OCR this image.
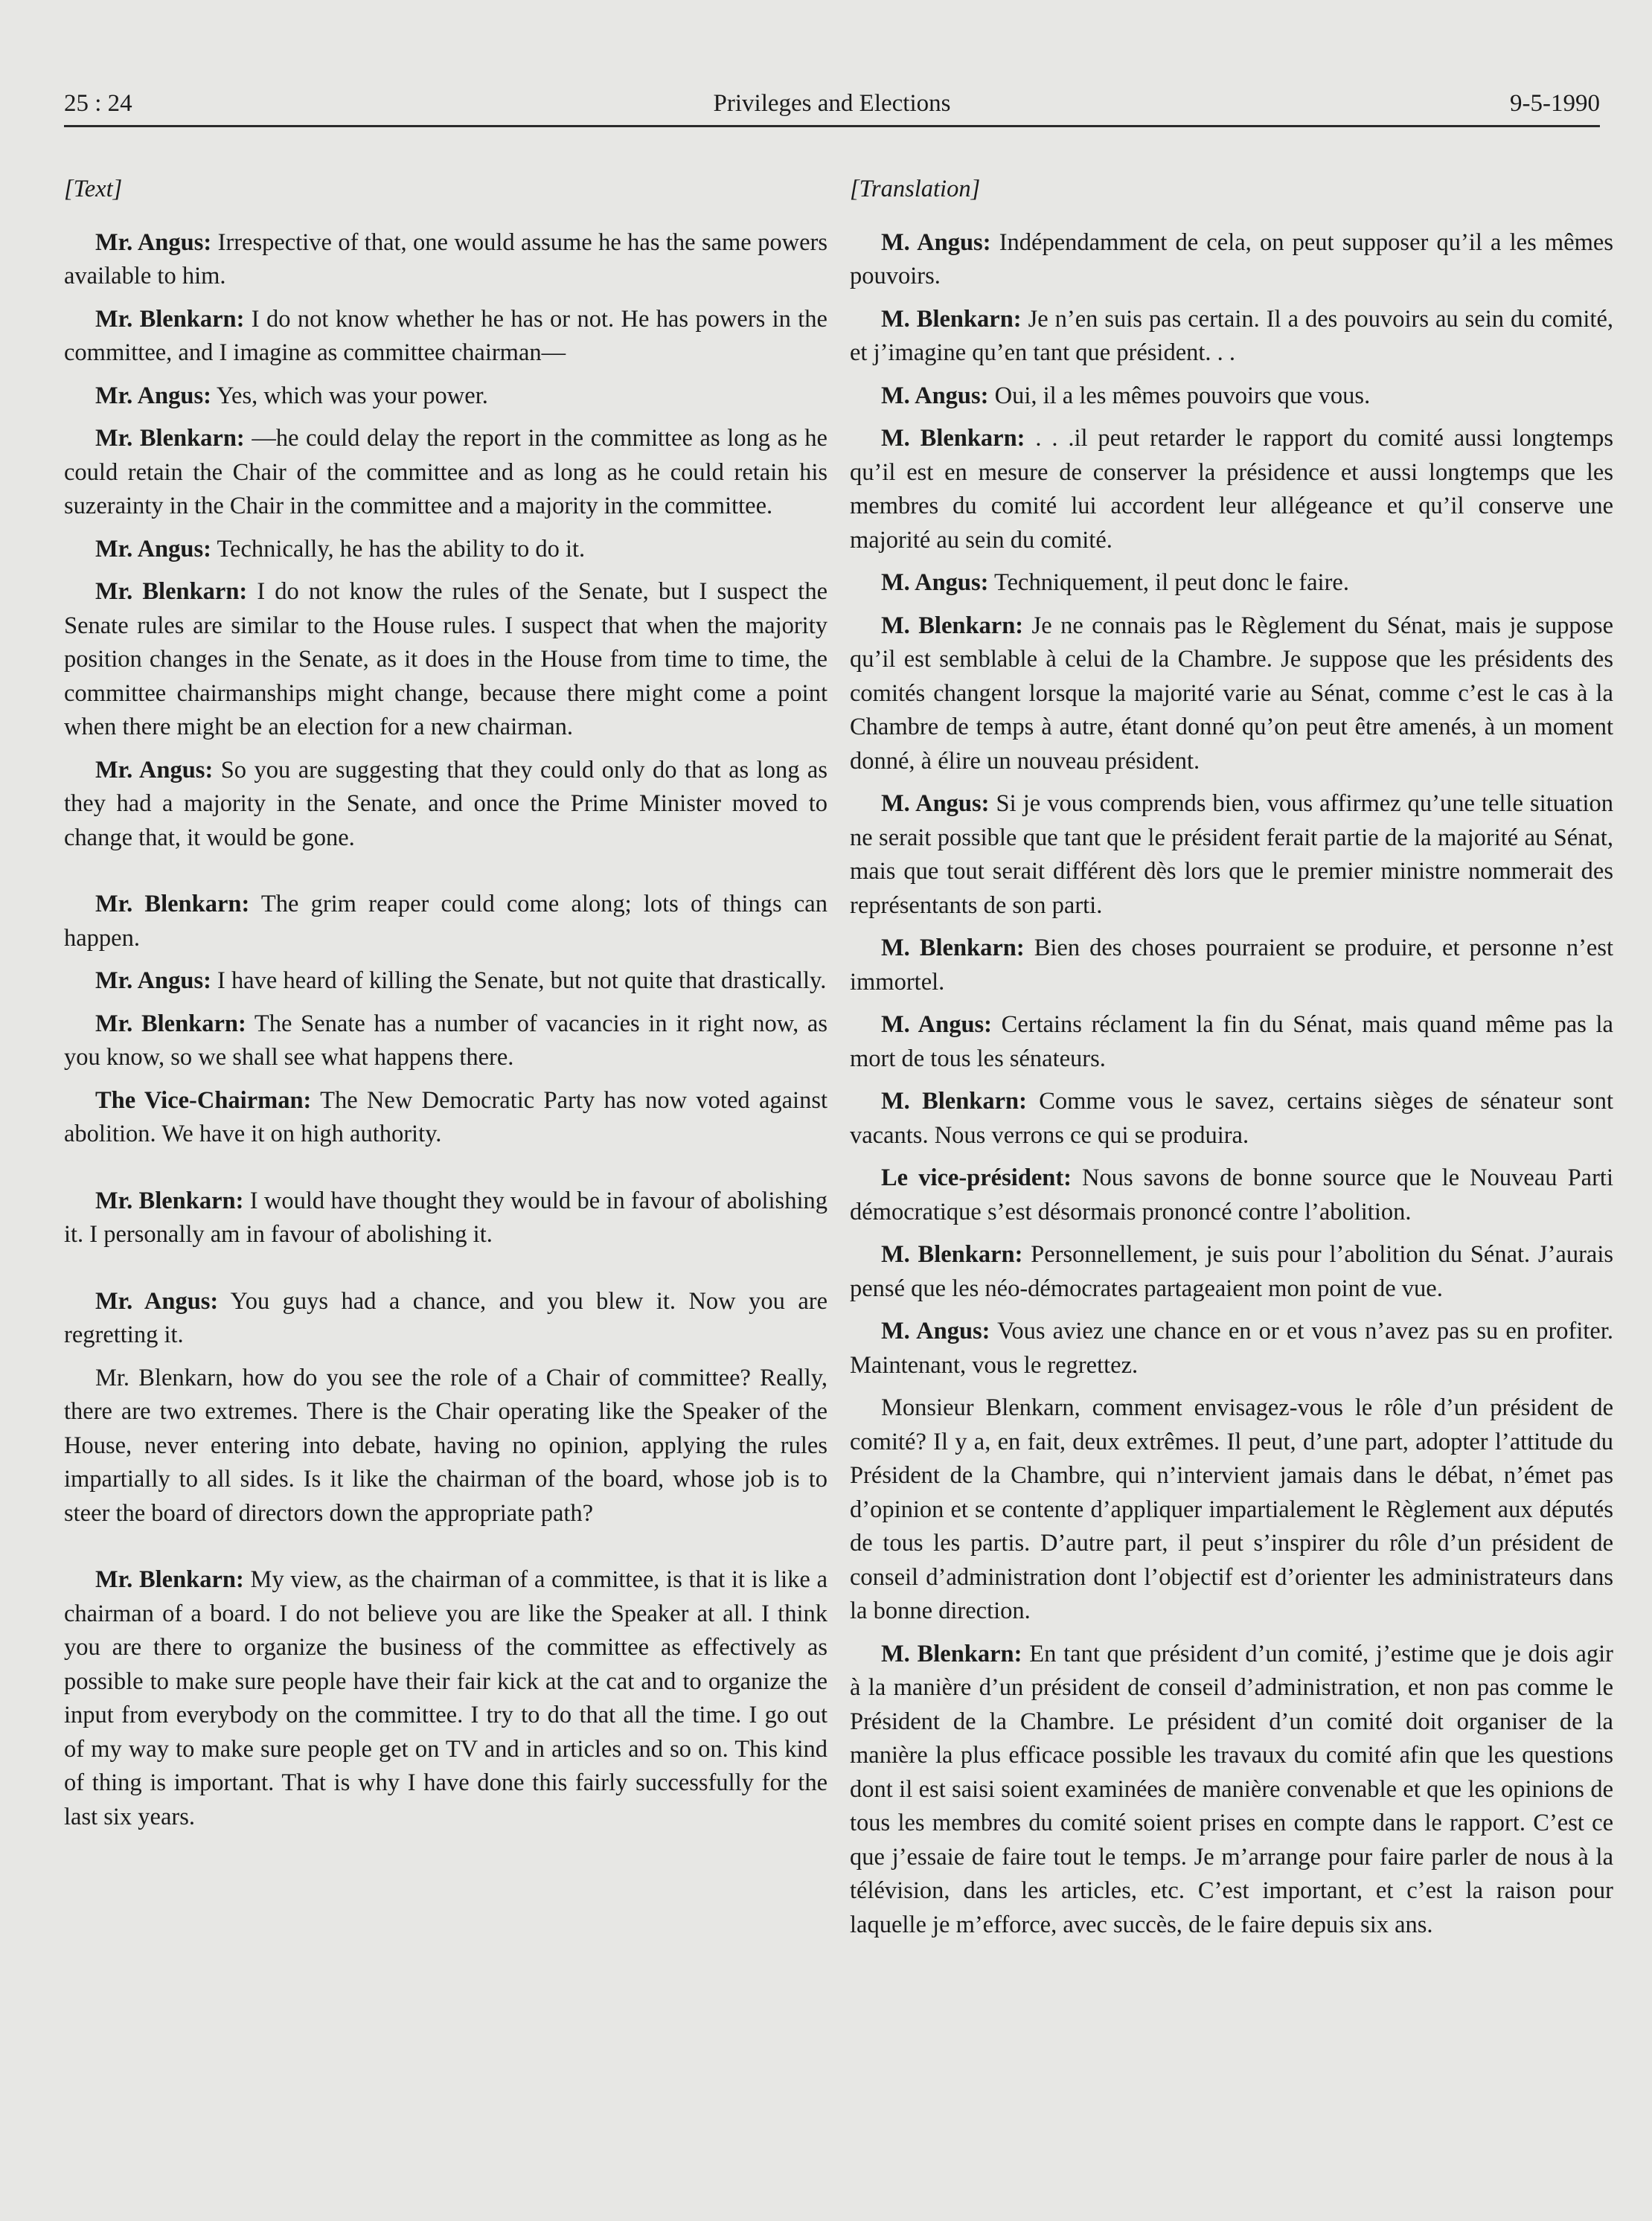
25 : 24	Privileges and Elections	9-5-1990
[Text]

Mr. Angus: Irrespective of that, one would assume he has the same powers available to him.

Mr. Blenkarn: I do not know whether he has or not. He has powers in the committee, and I imagine as committee chairman—

Mr. Angus: Yes, which was your power.

Mr. Blenkarn: —he could delay the report in the committee as long as he could retain the Chair of the committee and as long as he could retain his suzerainty in the Chair in the committee and a majority in the committee.

Mr. Angus: Technically, he has the ability to do it.

Mr. Blenkarn: I do not know the rules of the Senate, but I suspect the Senate rules are similar to the House rules. I suspect that when the majority position changes in the Senate, as it does in the House from time to time, the committee chairmanships might change, because there might come a point when there might be an election for a new chairman.

Mr. Angus: So you are suggesting that they could only do that as long as they had a majority in the Senate, and once the Prime Minister moved to change that, it would be gone.

Mr. Blenkarn: The grim reaper could come along; lots of things can happen.

Mr. Angus: I have heard of killing the Senate, but not quite that drastically.

Mr. Blenkarn: The Senate has a number of vacancies in it right now, as you know, so we shall see what happens there.

The Vice-Chairman: The New Democratic Party has now voted against abolition. We have it on high authority.

Mr. Blenkarn: I would have thought they would be in favour of abolishing it. I personally am in favour of abolishing it.

Mr. Angus: You guys had a chance, and you blew it. Now you are regretting it.

Mr. Blenkarn, how do you see the role of a Chair of committee? Really, there are two extremes. There is the Chair operating like the Speaker of the House, never entering into debate, having no opinion, applying the rules impartially to all sides. Is it like the chairman of the board, whose job is to steer the board of directors down the appropriate path?

Mr. Blenkarn: My view, as the chairman of a committee, is that it is like a chairman of a board. I do not believe you are like the Speaker at all. I think you are there to organize the business of the committee as effectively as possible to make sure people have their fair kick at the cat and to organize the input from everybody on the committee. I try to do that all the time. I go out of my way to make sure people get on TV and in articles and so on. This kind of thing is important. That is why I have done this fairly successfully for the last six years.

[Translation]

M. Angus: Indépendamment de cela, on peut supposer qu’il a les mêmes pouvoirs.

M. Blenkarn: Je n’en suis pas certain. Il a des pouvoirs au sein du comité, et j’imagine qu’en tant que président. . .

M. Angus: Oui, il a les mêmes pouvoirs que vous.

M. Blenkarn: . . .il peut retarder le rapport du comité aussi longtemps qu’il est en mesure de conserver la présidence et aussi longtemps que les membres du comité lui accordent leur allégeance et qu’il conserve une majorité au sein du comité.

M. Angus: Techniquement, il peut donc le faire.

M. Blenkarn: Je ne connais pas le Règlement du Sénat, mais je suppose qu’il est semblable à celui de la Chambre. Je suppose que les présidents des comités changent lorsque la majorité varie au Sénat, comme c’est le cas à la Chambre de temps à autre, étant donné qu’on peut être amenés, à un moment donné, à élire un nouveau président.

M. Angus: Si je vous comprends bien, vous affirmez qu’une telle situation ne serait possible que tant que le président ferait partie de la majorité au Sénat, mais que tout serait différent dès lors que le premier ministre nommerait des représentants de son parti.

M. Blenkarn: Bien des choses pourraient se produire, et personne n’est immortel.

M. Angus: Certains réclament la fin du Sénat, mais quand même pas la mort de tous les sénateurs.

M. Blenkarn: Comme vous le savez, certains sièges de sénateur sont vacants. Nous verrons ce qui se produira.

Le vice-président: Nous savons de bonne source que le Nouveau Parti démocratique s’est désormais prononcé contre l’abolition.

M. Blenkarn: Personnellement, je suis pour l’abolition du Sénat. J’aurais pensé que les néo-démocrates partageaient mon point de vue.

M. Angus: Vous aviez une chance en or et vous n’avez pas su en profiter. Maintenant, vous le regrettez.

Monsieur Blenkarn, comment envisagez-vous le rôle d’un président de comité? Il y a, en fait, deux extrêmes. Il peut, d’une part, adopter l’attitude du Président de la Chambre, qui n’intervient jamais dans le débat, n’émet pas d’opinion et se contente d’appliquer impartialement le Règlement aux députés de tous les partis. D’autre part, il peut s’inspirer du rôle d’un président de conseil d’administration dont l’objectif est d’orienter les administrateurs dans la bonne direction.

M. Blenkarn: En tant que président d’un comité, j’estime que je dois agir à la manière d’un président de conseil d’administration, et non pas comme le Président de la Chambre. Le président d’un comité doit organiser de la manière la plus efficace possible les travaux du comité afin que les questions dont il est saisi soient examinées de manière convenable et que les opinions de tous les membres du comité soient prises en compte dans le rapport. C’est ce que j’essaie de faire tout le temps. Je m’arrange pour faire parler de nous à la télévision, dans les articles, etc. C’est important, et c’est la raison pour laquelle je m’efforce, avec succès, de le faire depuis six ans.
